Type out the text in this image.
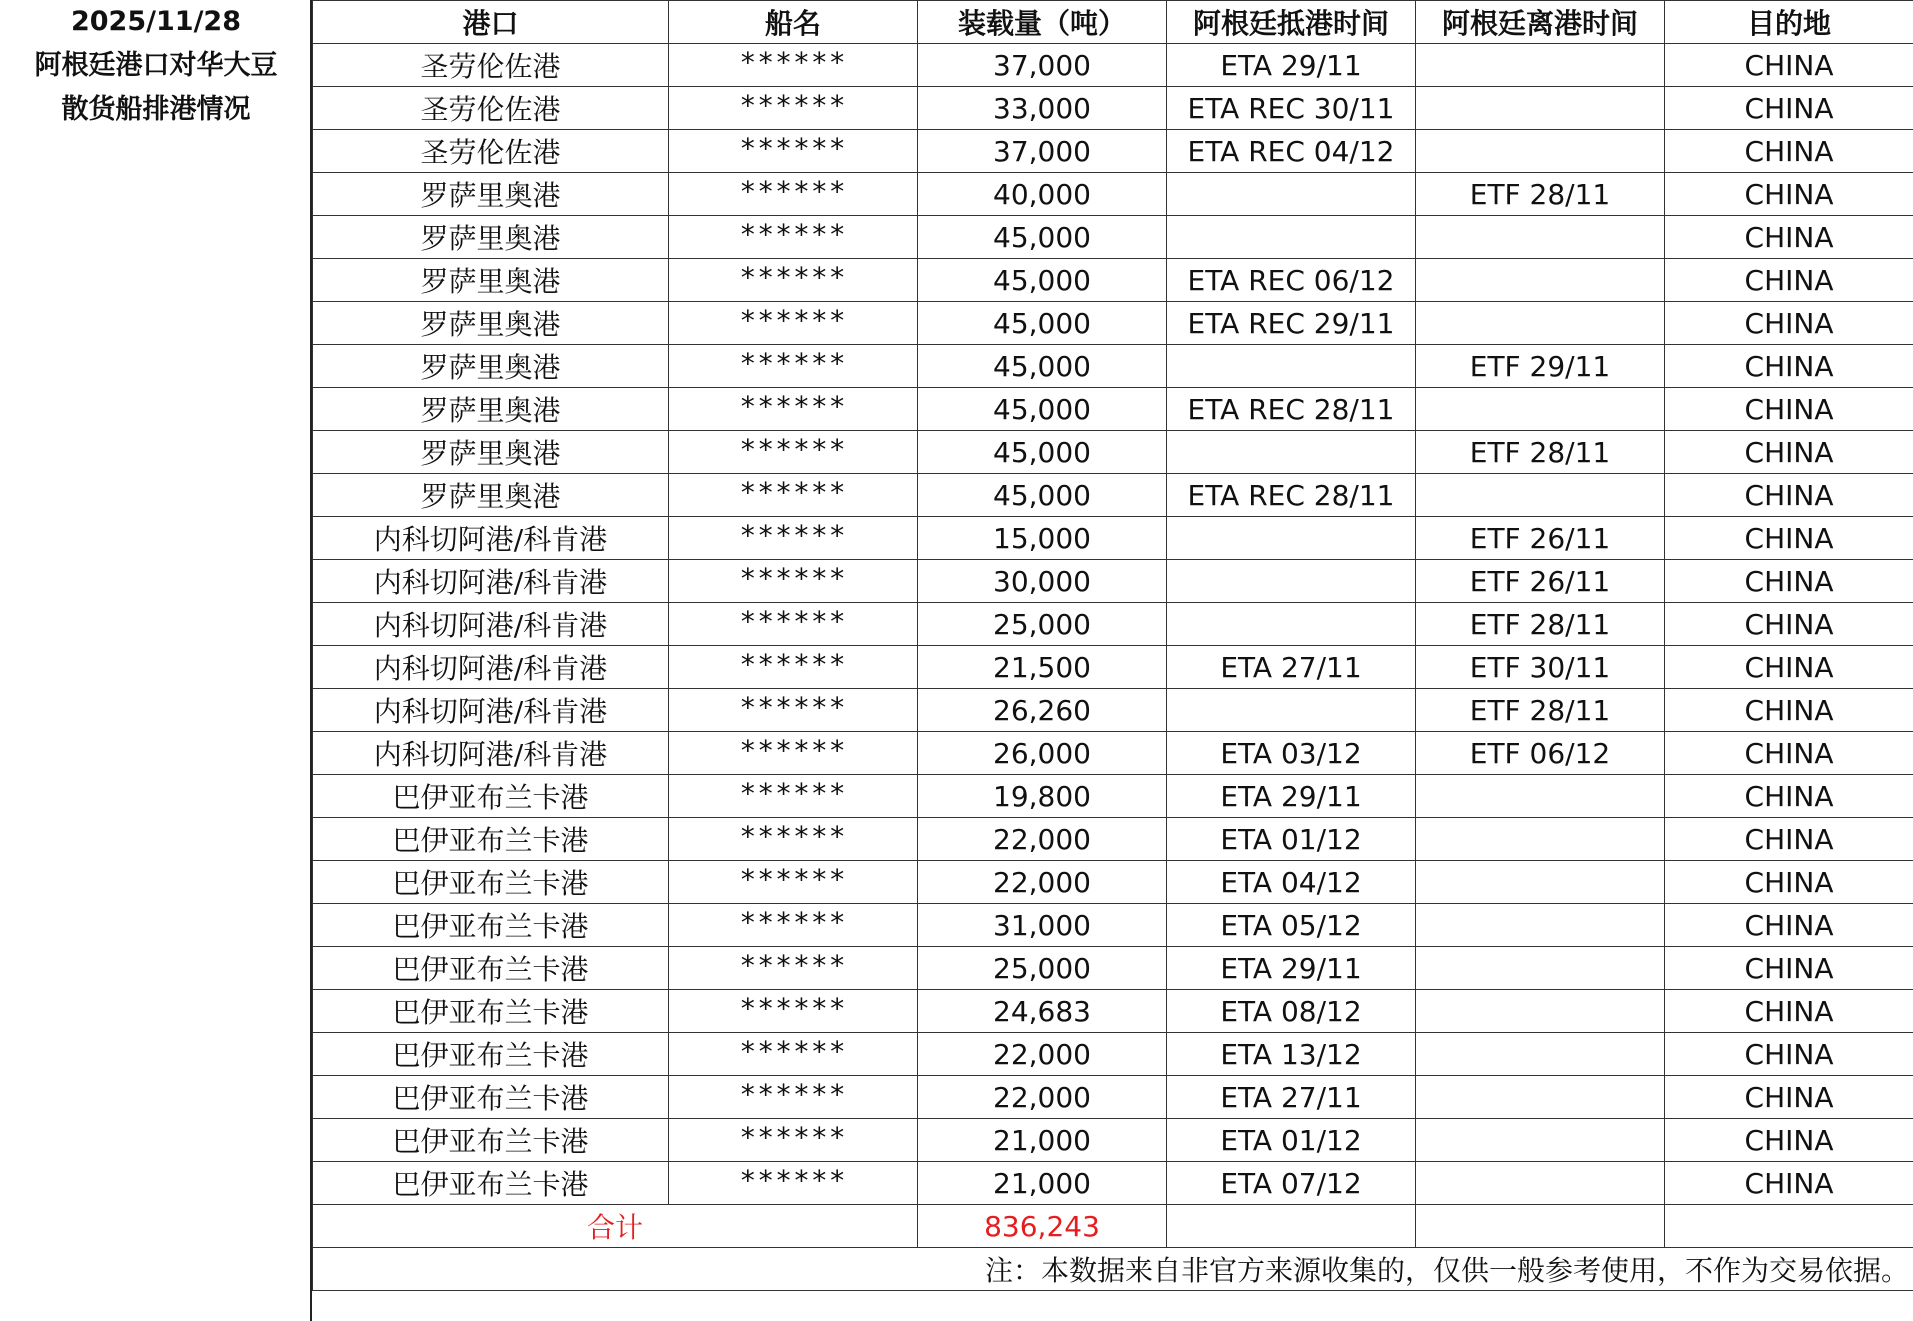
2025/11/28
阿根廷港口对华大豆
散货船排港情况
港口	船名	装载量（吨）	阿根廷抵港时间	阿根廷离港时间	目的地
圣劳伦佐港	******	37,000	ETA 29/11		CHINA
圣劳伦佐港	******	33,000	ETA REC 30/11		CHINA
圣劳伦佐港	******	37,000	ETA REC 04/12		CHINA
罗萨里奥港	******	40,000		ETF 28/11	CHINA
罗萨里奥港	******	45,000			CHINA
罗萨里奥港	******	45,000	ETA REC 06/12		CHINA
罗萨里奥港	******	45,000	ETA REC 29/11		CHINA
罗萨里奥港	******	45,000		ETF 29/11	CHINA
罗萨里奥港	******	45,000	ETA REC 28/11		CHINA
罗萨里奥港	******	45,000		ETF 28/11	CHINA
罗萨里奥港	******	45,000	ETA REC 28/11		CHINA
内科切阿港/科肯港	******	15,000		ETF 26/11	CHINA
内科切阿港/科肯港	******	30,000		ETF 26/11	CHINA
内科切阿港/科肯港	******	25,000		ETF 28/11	CHINA
内科切阿港/科肯港	******	21,500	ETA 27/11	ETF 30/11	CHINA
内科切阿港/科肯港	******	26,260		ETF 28/11	CHINA
内科切阿港/科肯港	******	26,000	ETA 03/12	ETF 06/12	CHINA
巴伊亚布兰卡港	******	19,800	ETA 29/11		CHINA
巴伊亚布兰卡港	******	22,000	ETA 01/12		CHINA
巴伊亚布兰卡港	******	22,000	ETA 04/12		CHINA
巴伊亚布兰卡港	******	31,000	ETA 05/12		CHINA
巴伊亚布兰卡港	******	25,000	ETA 29/11		CHINA
巴伊亚布兰卡港	******	24,683	ETA 08/12		CHINA
巴伊亚布兰卡港	******	22,000	ETA 13/12		CHINA
巴伊亚布兰卡港	******	22,000	ETA 27/11		CHINA
巴伊亚布兰卡港	******	21,000	ETA 01/12		CHINA
巴伊亚布兰卡港	******	21,000	ETA 07/12		CHINA
合计		836,243			
注：本数据来自非官方来源收集的，仅供一般参考使用，不作为交易依据。					
